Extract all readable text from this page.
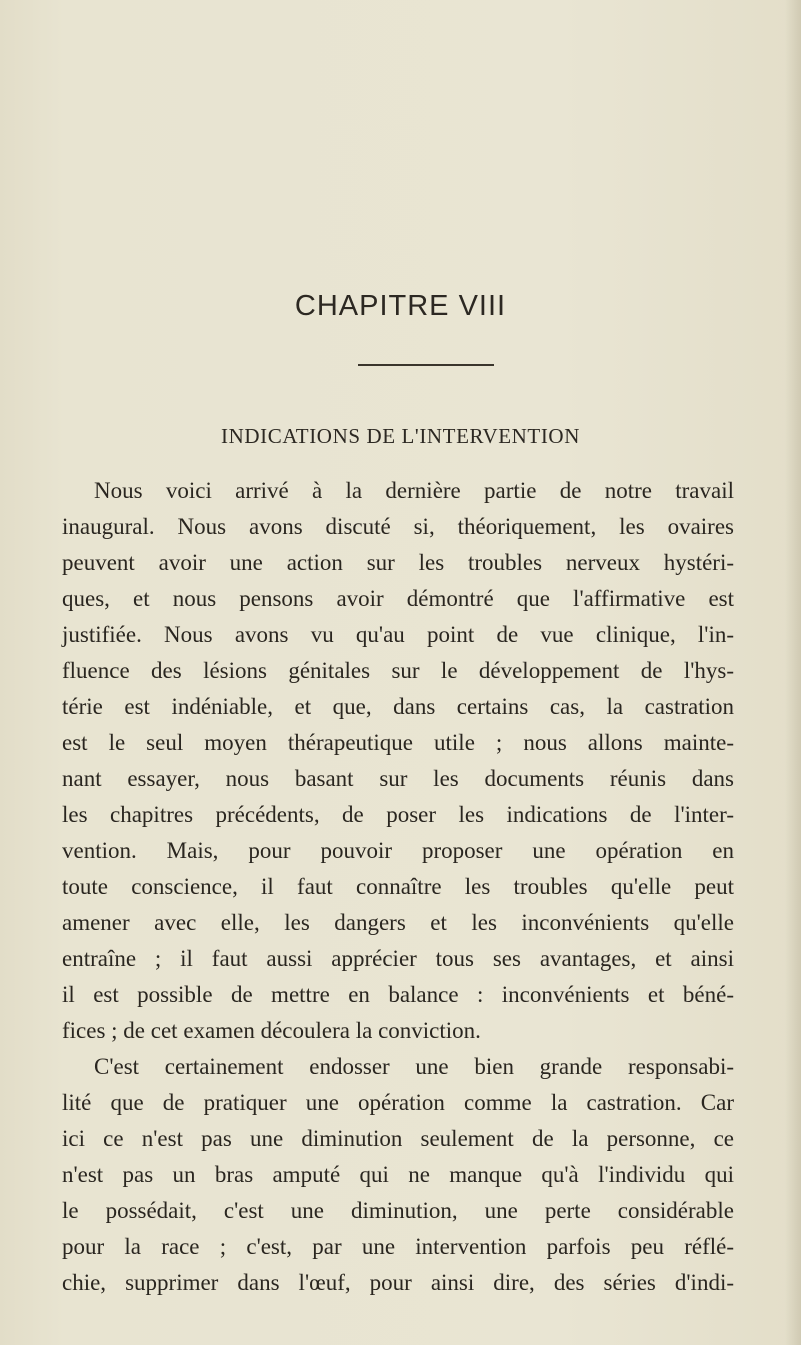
CHAPITRE VIII
INDICATIONS DE L'INTERVENTION
Nous voici arrivé à la dernière partie de notre travail
inaugural. Nous avons discuté si, théoriquement, les ovaires
peuvent avoir une action sur les troubles nerveux hystéri-
ques, et nous pensons avoir démontré que l'affirmative est
justifiée. Nous avons vu qu'au point de vue clinique, l'in-
fluence des lésions génitales sur le développement de l'hys-
térie est indéniable, et que, dans certains cas, la castration
est le seul moyen thérapeutique utile ; nous allons mainte-
nant essayer, nous basant sur les documents réunis dans
les chapitres précédents, de poser les indications de l'inter-
vention. Mais, pour pouvoir proposer une opération en
toute conscience, il faut connaître les troubles qu'elle peut
amener avec elle, les dangers et les inconvénients qu'elle
entraîne ; il faut aussi apprécier tous ses avantages, et ainsi
il est possible de mettre en balance : inconvénients et béné-
fices ; de cet examen découlera la conviction.
C'est certainement endosser une bien grande responsabi-
lité que de pratiquer une opération comme la castration. Car
ici ce n'est pas une diminution seulement de la personne, ce
n'est pas un bras amputé qui ne manque qu'à l'individu qui
le possédait, c'est une diminution, une perte considérable
pour la race ; c'est, par une intervention parfois peu réflé-
chie, supprimer dans l'œuf, pour ainsi dire, des séries d'indi-
